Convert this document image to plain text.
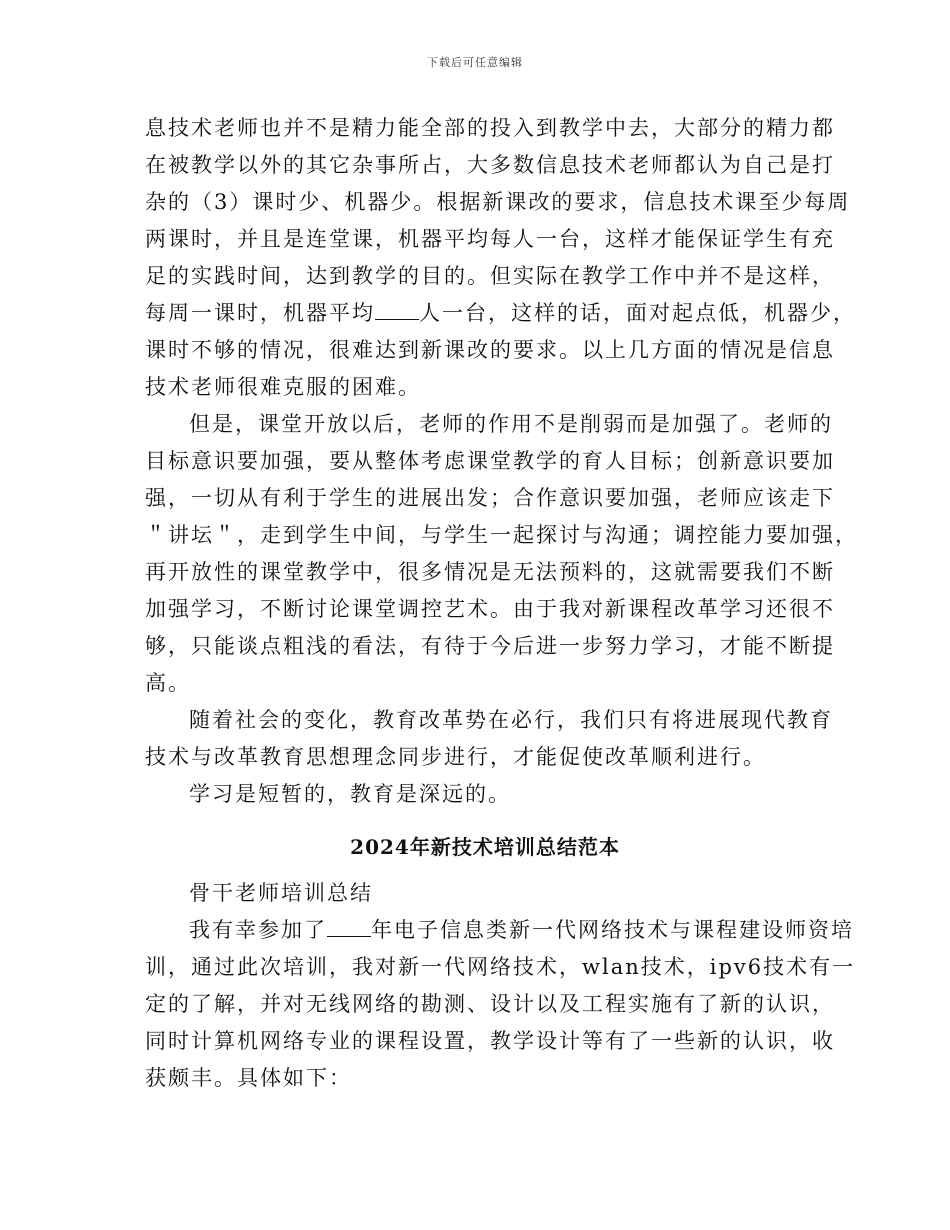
下载后可任意编辑
息技术老师也并不是精力能全部的投入到教学中去，大部分的精力都
在被教学以外的其它杂事所占，大多数信息技术老师都认为自己是打
杂的（3）课时少、机器少。根据新课改的要求，信息技术课至少每周
两课时，并且是连堂课，机器平均每人一台，这样才能保证学生有充
足的实践时间，达到教学的目的。但实际在教学工作中并不是这样，
每周一课时，机器平均 人一台，这样的话，面对起点低，机器少，
课时不够的情况，很难达到新课改的要求。以上几方面的情况是信息
技术老师很难克服的困难。
但是，课堂开放以后，老师的作用不是削弱而是加强了。老师的
目标意识要加强，要从整体考虑课堂教学的育人目标；创新意识要加
强，一切从有利于学生的进展出发；合作意识要加强，老师应该走下
＂讲坛＂，走到学生中间，与学生一起探讨与沟通；调控能力要加强，
再开放性的课堂教学中，很多情况是无法预料的，这就需要我们不断
加强学习，不断讨论课堂调控艺术。由于我对新课程改革学习还很不
够，只能谈点粗浅的看法，有待于今后进一步努力学习，才能不断提
高。
随着社会的变化，教育改革势在必行，我们只有将进展现代教育
技术与改革教育思想理念同步进行，才能促使改革顺利进行。
学习是短暂的，教育是深远的。
2024年新技术培训总结范本
骨干老师培训总结
我有幸参加了 年电子信息类新一代网络技术与课程建设师资培
训，通过此次培训，我对新一代网络技术，wlan技术，ipv6技术有一
定的了解，并对无线网络的勘测、设计以及工程实施有了新的认识，
同时计算机网络专业的课程设置，教学设计等有了一些新的认识，收
获颇丰。具体如下：
